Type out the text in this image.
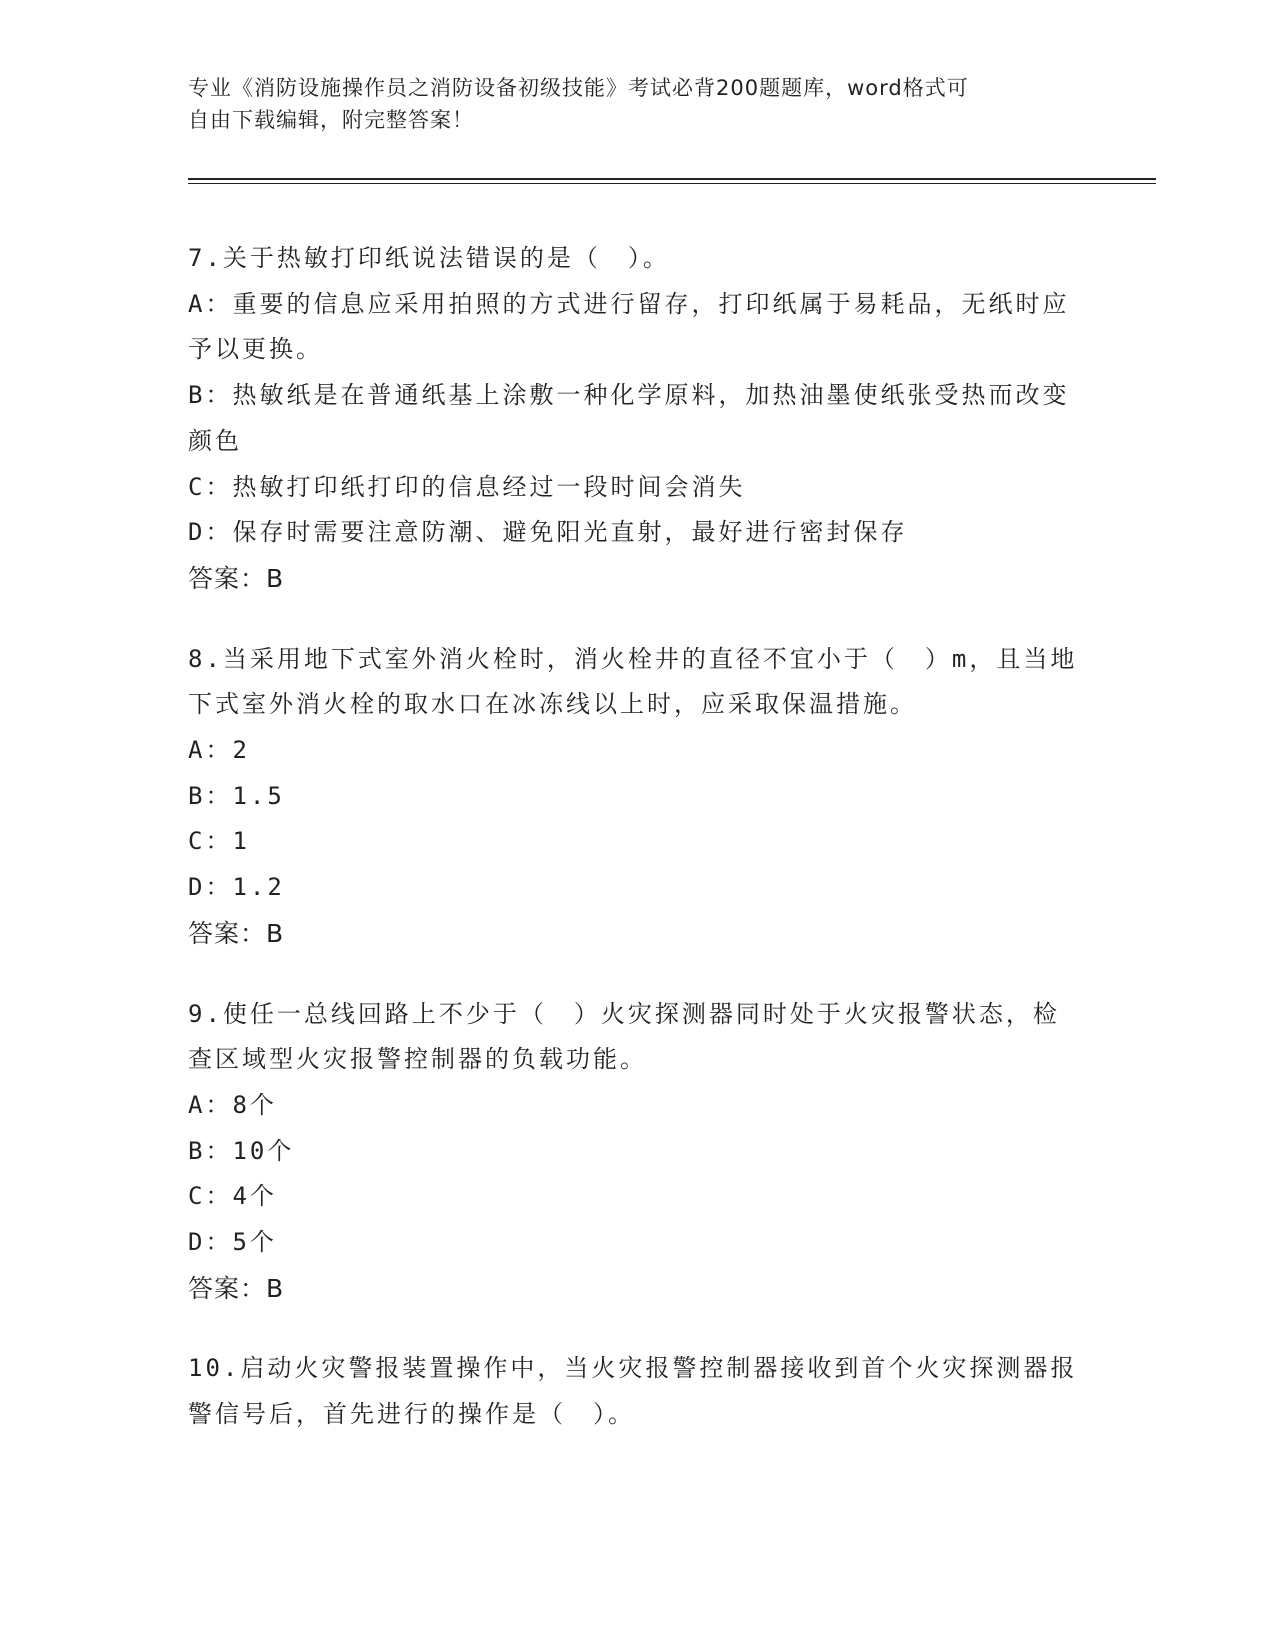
专业《消防设施操作员之消防设备初级技能》考试必背200题题库，word格式可
自由下载编辑，附完整答案！

7.关于热敏打印纸说法错误的是（　）。

A：重要的信息应采用拍照的方式进行留存，打印纸属于易耗品，无纸时应予以更换。

B：热敏纸是在普通纸基上涂敷一种化学原料，加热油墨使纸张受热而改变颜色

C：热敏打印纸打印的信息经过一段时间会消失

D：保存时需要注意防潮、避免阳光直射，最好进行密封保存

答案：B

8.当采用地下式室外消火栓时，消火栓井的直径不宜小于（　）m，且当地下式室外消火栓的取水口在冰冻线以上时，应采取保温措施。

A：2

B：1.5

C：1

D：1.2

答案：B

9.使任一总线回路上不少于（　）火灾探测器同时处于火灾报警状态，检查区域型火灾报警控制器的负载功能。

A：8个

B：10个

C：4个

D：5个

答案：B

10.启动火灾警报装置操作中，当火灾报警控制器接收到首个火灾探测器报警信号后，首先进行的操作是（　）。
